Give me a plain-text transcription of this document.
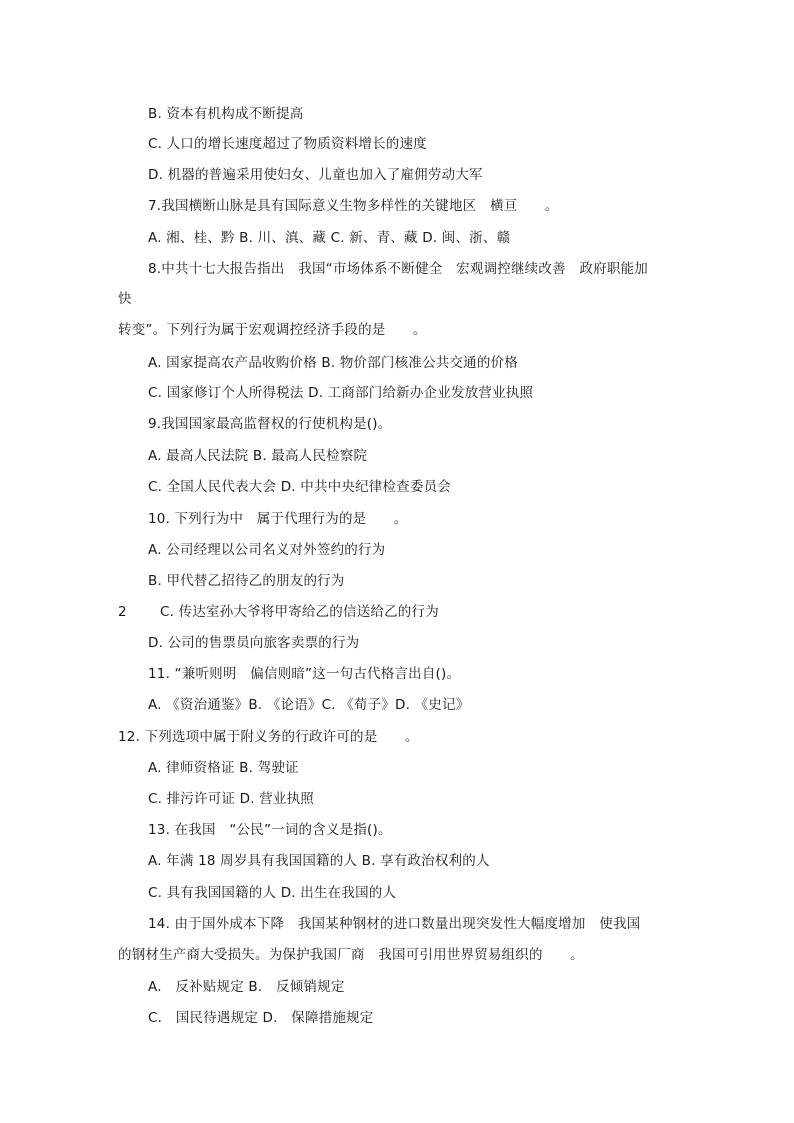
B. 资本有机构成不断提高
C. 人口的增长速度超过了物质资料增长的速度
D. 机器的普遍采用使妇女、儿童也加入了雇佣劳动大军
7.我国横断山脉是具有国际意义生物多样性的关键地区　横亘　　。
A. 湘、桂、黔 B. 川、滇、藏 C. 新、青、藏 D. 闽、浙、赣
8.中共十七大报告指出　我国“市场体系不断健全　宏观调控继续改善　政府职能加
快
转变”。下列行为属于宏观调控经济手段的是　　。
A. 国家提高农产品收购价格 B. 物价部门核准公共交通的价格
C. 国家修订个人所得税法 D. 工商部门给新办企业发放营业执照
9.我国国家最高监督权的行使机构是()。
A. 最高人民法院 B. 最高人民检察院
C. 全国人民代表大会 D. 中共中央纪律检查委员会
10. 下列行为中　属于代理行为的是　　。
A. 公司经理以公司名义对外签约的行为
B. 甲代替乙招待乙的朋友的行为
2 C. 传达室孙大爷将甲寄给乙的信送给乙的行为
D. 公司的售票员向旅客卖票的行为
11. “兼听则明　偏信则暗”这一句古代格言出自()。
A. 《资治通鉴》B. 《论语》C. 《荀子》D. 《史记》
12. 下列选项中属于附义务的行政许可的是　　。
A. 律师资格证 B. 驾驶证
C. 排污许可证 D. 营业执照
13. 在我国　“公民”一词的含义是指()。
A. 年满 18 周岁具有我国国籍的人 B. 享有政治权利的人
C. 具有我国国籍的人 D. 出生在我国的人
14. 由于国外成本下降　我国某种钢材的进口数量出现突发性大幅度增加　使我国
的钢材生产商大受损失。为保护我国厂商　我国可引用世界贸易组织的　　。
A.　反补贴规定 B.　反倾销规定
C.　国民待遇规定 D.　保障措施规定
